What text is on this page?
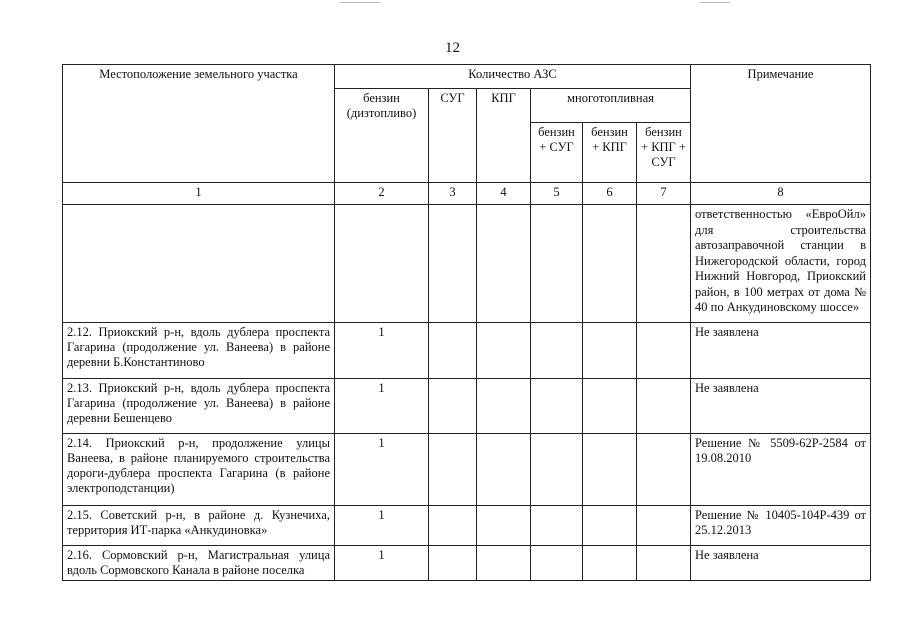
12
Местоположение земельного участка	Количество АЗС						Примечание
	бензин (дизтопливо)	СУГ	КПГ	многотопливная			
				бензин + СУГ	бензин + КПГ	бензин + КПГ + СУГ	
1	2	3	4	5	6	7	8
							ответственностью «ЕвроОйл» для строительства автозаправочной станции в Нижегородской области, город Нижний Новгород, Приокский район, в 100 метрах от дома № 40 по Анкудиновскому шоссе»
2.12. Приокский р-н, вдоль дублера проспекта Гагарина (продолжение ул. Ванеева) в районе деревни Б.Константиново	1						Не заявлена
2.13. Приокский р-н, вдоль дублера проспекта Гагарина (продолжение ул. Ванеева) в районе деревни Бешенцево	1						Не заявлена
2.14. Приокский р-н, продолжение улицы Ванеева, в районе планируемого строительства дороги-дублера проспекта Гагарина (в районе электроподстанции)	1						Решение № 5509-62Р-2584 от 19.08.2010
2.15. Советский р-н, в районе д. Кузнечиха, территория ИТ-парка «Анкудиновка»	1						Решение № 10405-104Р-439 от 25.12.2013
2.16. Сормовский р-н, Магистральная улица вдоль Сормовского Канала в районе поселка	1						Не заявлена
